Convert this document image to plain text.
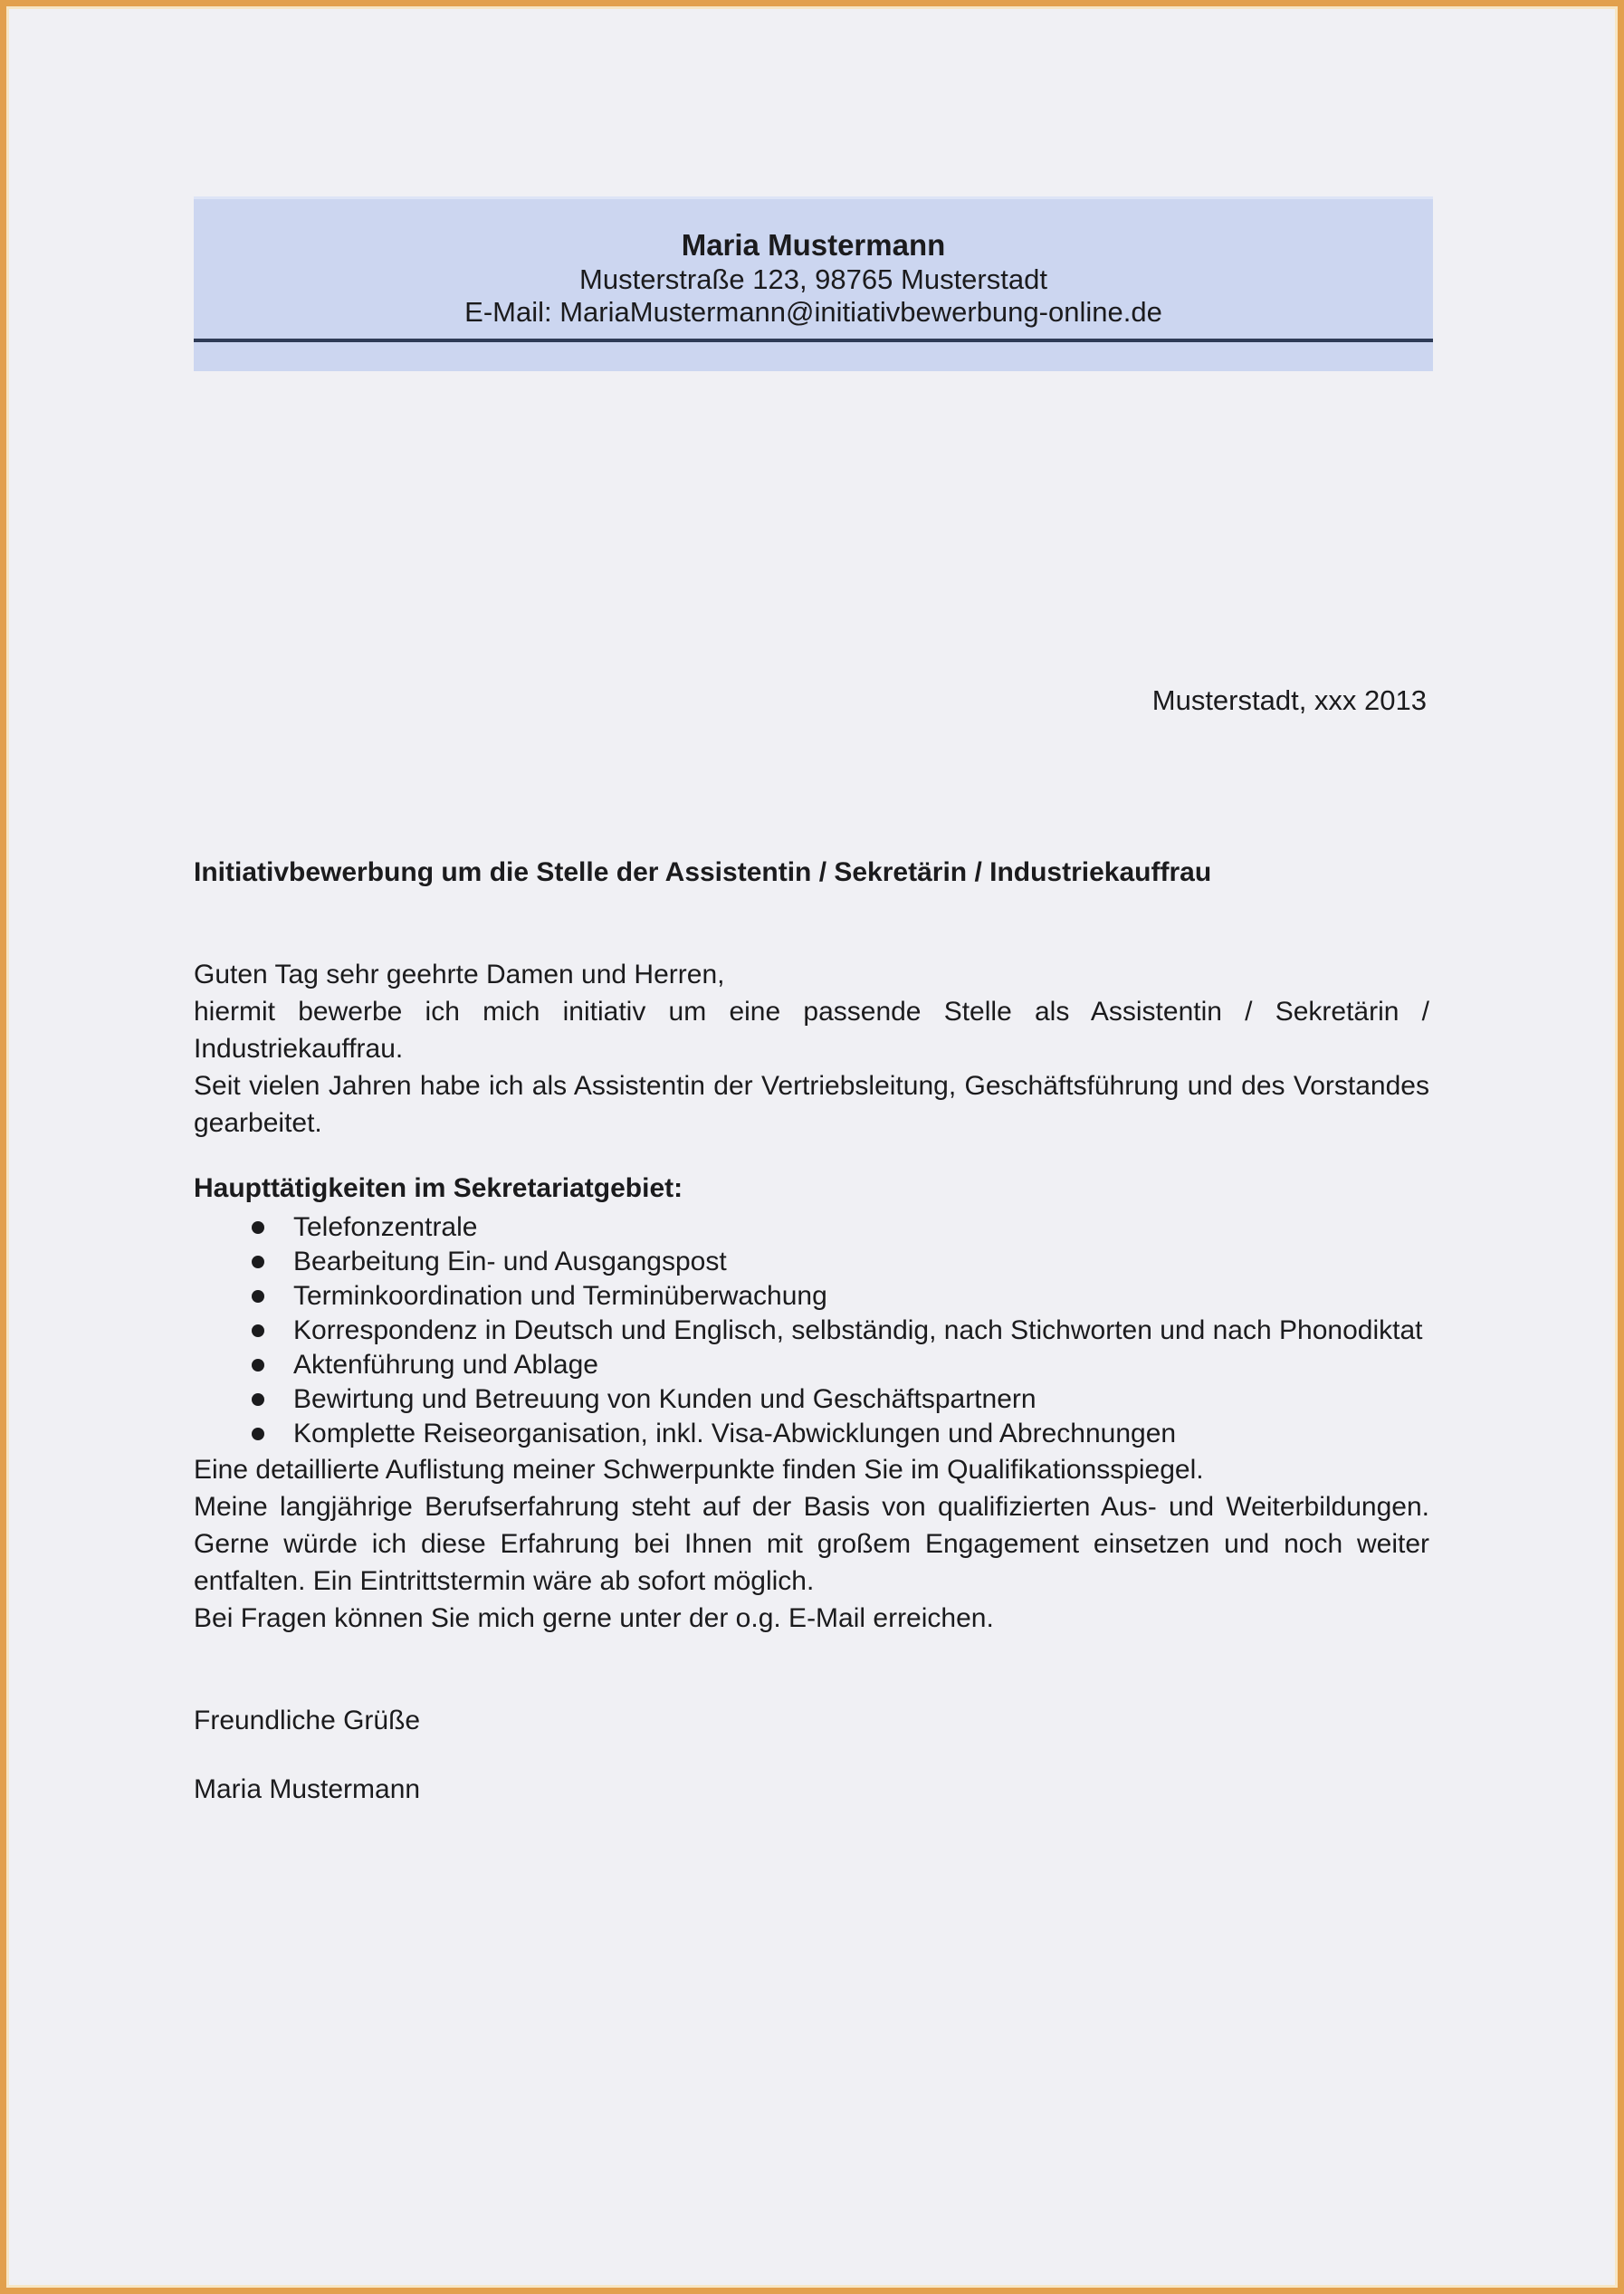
Maria Mustermann
Musterstraße 123, 98765 Musterstadt
E-Mail: MariaMustermann@initiativbewerbung-online.de
Musterstadt, xxx 2013
Initiativbewerbung um die Stelle der Assistentin / Sekretärin / Industriekauffrau

Guten Tag sehr geehrte Damen und Herren,

hiermit bewerbe ich mich initiativ um eine passende Stelle als Assistentin / Sekretärin / Industriekauffrau.

Seit vielen Jahren habe ich als Assistentin der Vertriebsleitung, Geschäftsführung und des Vorstandes gearbeitet.

Haupttätigkeiten im Sekretariatgebiet:
Telefonzentrale
Bearbeitung Ein- und Ausgangspost
Terminkoordination und Terminüberwachung
Korrespondenz in Deutsch und Englisch, selbständig, nach Stichworten und nach Phonodiktat
Aktenführung und Ablage
Bewirtung und Betreuung von Kunden und Geschäftspartnern
Komplette Reiseorganisation, inkl. Visa-Abwicklungen und Abrechnungen

Eine detaillierte Auflistung meiner Schwerpunkte finden Sie im Qualifikationsspiegel.

Meine langjährige Berufserfahrung steht auf der Basis von qualifizierten Aus- und Weiterbildungen. Gerne würde ich diese Erfahrung bei Ihnen mit großem Engagement einsetzen und noch weiter entfalten. Ein Eintrittstermin wäre ab sofort möglich.

Bei Fragen können Sie mich gerne unter der o.g. E-Mail erreichen.

Freundliche Grüße

Maria Mustermann
